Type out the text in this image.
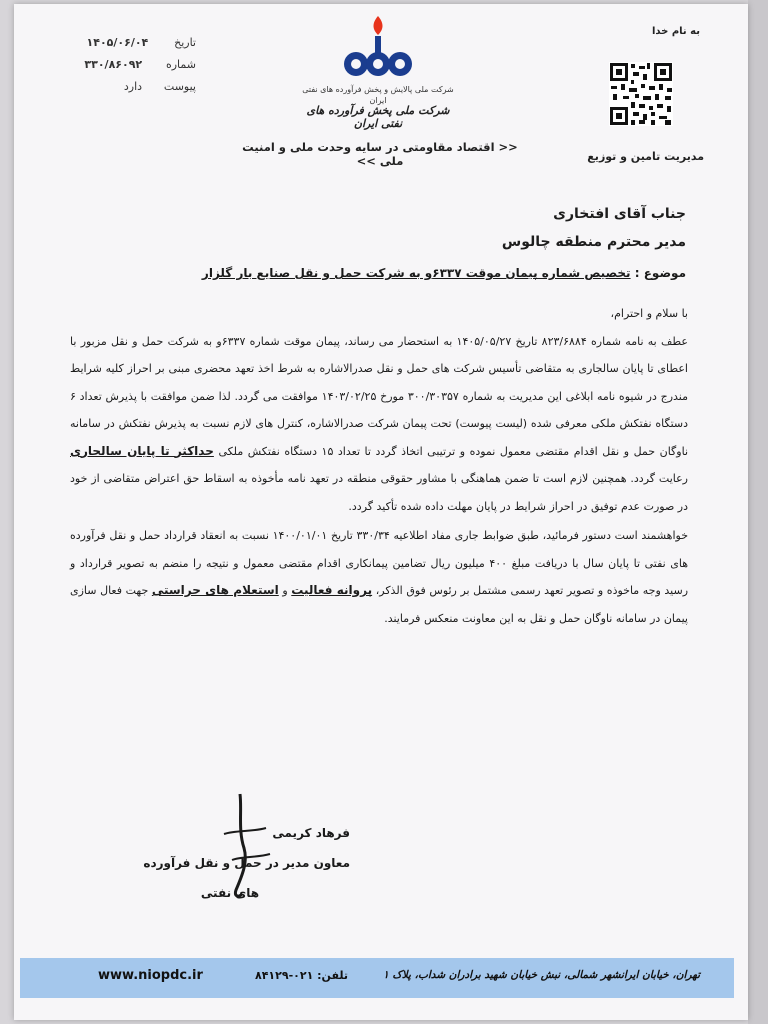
تاریخ ۱۴۰۵/۰۶/۰۴
شماره ۳۳۰/۸۶۰۹۲
پیوست دارد	شرکت ملی پالایش و پخش فرآورده های نفتی ایران
شرکت ملی پخش فرآورده های نفتی ایران
<< اقتصاد مقاومتی در سایه وحدت ملی و امنیت ملی >>
به نام خدا
مدیریت تامین و توزیع
جناب آقای افتخاری
مدیر محترم منطقه چالوس
موضوع : تخصیص شماره پیمان موقت ۶۳۳۷و به شرکت حمل و نقل صنایع بار گلزار

با سلام و احترام،

عطف به نامه شماره ۸۲۳/۶۸۸۴ تاریخ ۱۴۰۵/۰۵/۲۷ به استحضار می رساند، پیمان موقت شماره ۶۳۳۷و به شرکت حمل و نقل مزبور با اعطای تا پایان سالجاری به متقاضی تأسیس شرکت های حمل و نقل صدرالاشاره به شرط اخذ تعهد محضری مبنی بر احراز کلیه شرایط مندرج در شیوه نامه ابلاغی این مدیریت به شماره ۳۰۰/۳۰۳۵۷ مورخ ۱۴۰۳/۰۲/۲۵ موافقت می گردد. لذا ضمن موافقت با پذیرش تعداد ۶ دستگاه نفتکش ملکی معرفی شده (لیست پیوست) تحت پیمان شرکت صدرالاشاره، کنترل های لازم نسبت به پذیرش نفتکش در سامانه ناوگان حمل و نقل اقدام مقتضی معمول نموده و ترتیبی اتخاذ گردد تا تعداد ۱۵ دستگاه نفتکش ملکی حداکثر تا پایان سالجاری رعایت گردد. همچنین لازم است تا ضمن هماهنگی با مشاور حقوقی منطقه در تعهد نامه مأخوذه به اسقاط حق اعتراض متقاضی از خود در صورت عدم توفیق در احراز شرایط در پایان مهلت داده شده تأکید گردد.

خواهشمند است دستور فرمائید، طبق ضوابط جاری مفاد اطلاعیه ۳۳۰/۳۴ تاریخ ۱۴۰۰/۰۱/۰۱ نسبت به انعقاد قرارداد حمل و نقل فرآورده های نفتی تا پایان سال با دریافت مبلغ ۴۰۰ میلیون ریال تضامین پیمانکاری اقدام مقتضی معمول و نتیجه را منضم به تصویر قرارداد و رسید وجه ماخوذه و تصویر تعهد رسمی مشتمل بر رئوس فوق الذکر، پروانه فعالیت و استعلام های حراستی جهت فعال سازی پیمان در سامانه ناوگان حمل و نقل به این معاونت منعکس فرمایند.

فرهاد کریمی
معاون مدیر در حمل و نقل فرآورده
های نفتی
www.niopdc.ir	تلفن: ۰۲۱-۸۴۱۲۹	تهران، خیابان ایرانشهر شمالی، نبش خیابان شهید برادران شداب، پلاک ۱
